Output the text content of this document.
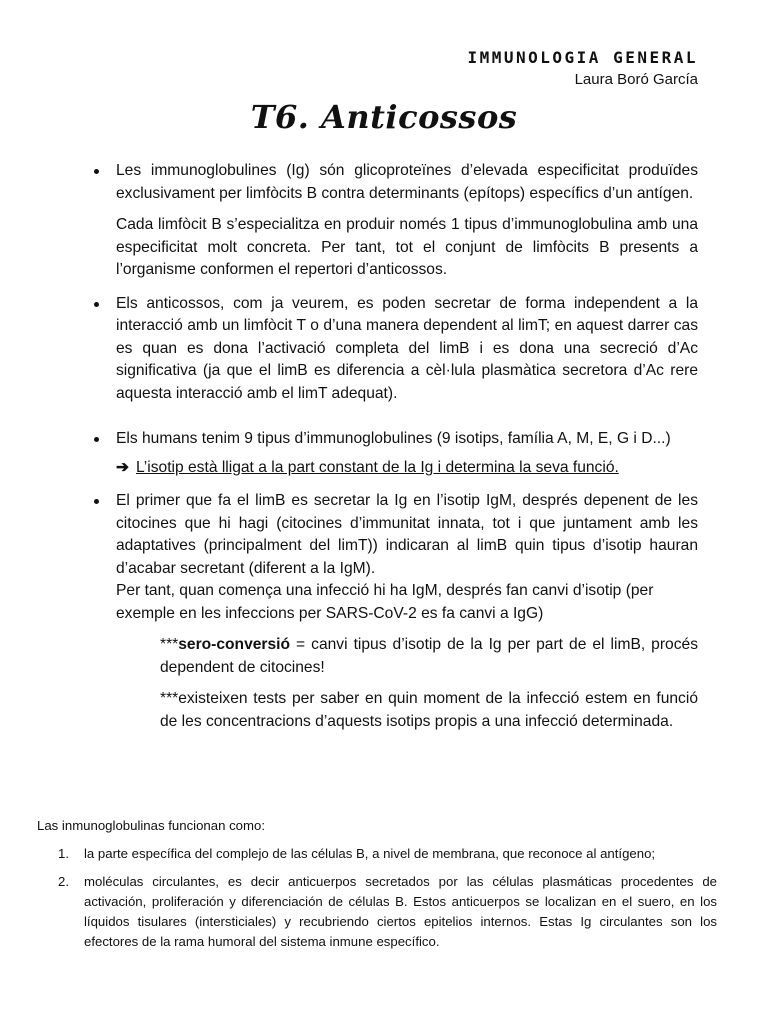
IMMUNOLOGIA GENERAL
Laura Boró García
T6. Anticossos

Les immunoglobulines (Ig) són glicoproteïnes d’elevada especificitat produïdes exclusivament per limfòcits B contra determinants (epítops) específics d’un antígen.

Cada limfòcit B s’especialitza en produir només 1 tipus d’immunoglobulina amb una especificitat molt concreta. Per tant, tot el conjunt de limfòcits B presents a l’organisme conformen el repertori d’anticossos.

Els anticossos, com ja veurem, es poden secretar de forma independent a la interacció amb un limfòcit T o d’una manera dependent al limT; en aquest darrer cas es quan es dona l’activació completa del limB i es dona una secreció d’Ac significativa (ja que el limB es diferencia a cèl·lula plasmàtica secretora d’Ac rere aquesta interacció amb el limT adequat).

Els humans tenim 9 tipus d’immunoglobulines (9 isotips, família A, M, E, G i D...)

➔ L’isotip està lligat a la part constant de la Ig i determina la seva funció.

El primer que fa el limB es secretar la Ig en l’isotip IgM, després depenent de les citocines que hi hagi (citocines d’immunitat innata, tot i que juntament amb les adaptatives (principalment del limT)) indicaran al limB quin tipus d’isotip hauran d’acabar secretant (diferent a la IgM).

Per tant, quan comença una infecció hi ha IgM, després fan canvi d’isotip (per exemple en les infeccions per SARS-CoV-2 es fa canvi a IgG)

***sero-conversió = canvi tipus d’isotip de la Ig per part de el limB, procés dependent de citocines!

***existeixen tests per saber en quin moment de la infecció estem en funció de les concentracions d’aquests isotips propis a una infecció determinada.

Las inmunoglobulinas funcionan como:

1. la parte específica del complejo de las células B, a nivel de membrana, que reconoce al antígeno;
2. moléculas circulantes, es decir anticuerpos secretados por las células plasmáticas procedentes de activación, proliferación y diferenciación de células B. Estos anticuerpos se localizan en el suero, en los líquidos tisulares (intersticiales) y recubriendo ciertos epitelios internos. Estas Ig circulantes son los efectores de la rama humoral del sistema inmune específico.
